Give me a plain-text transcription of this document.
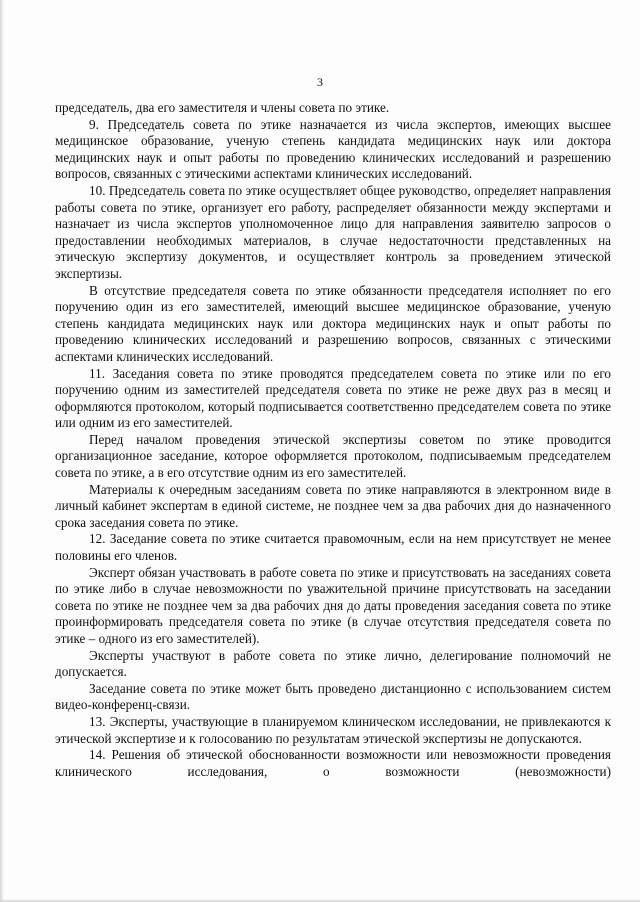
3

председатель, два его заместителя и члены совета по этике.

9. Председатель совета по этике назначается из числа экспертов, имеющих высшее медицинское образование, ученую степень кандидата медицинских наук или доктора медицинских наук и опыт работы по проведению клинических исследований и разрешению вопросов, связанных с этическими аспектами клинических исследований.

10. Председатель совета по этике осуществляет общее руководство, определяет направления работы совета по этике, организует его работу, распределяет обязанности между экспертами и назначает из числа экспертов уполномоченное лицо для направления заявителю запросов о предоставлении необходимых материалов, в случае недостаточности представленных на этическую экспертизу документов, и осуществляет контроль за проведением этической экспертизы.

В отсутствие председателя совета по этике обязанности председателя исполняет по его поручению один из его заместителей, имеющий высшее медицинское образование, ученую степень кандидата медицинских наук или доктора медицинских наук и опыт работы по проведению клинических исследований и разрешению вопросов, связанных с этическими аспектами клинических исследований.

11. Заседания совета по этике проводятся председателем совета по этике или по его поручению одним из заместителей председателя совета по этике не реже двух раз в месяц и оформляются протоколом, который подписывается соответственно председателем совета по этике или одним из его заместителей.

Перед началом проведения этической экспертизы советом по этике проводится организационное заседание, которое оформляется протоколом, подписываемым председателем совета по этике, а в его отсутствие одним из его заместителей.

Материалы к очередным заседаниям совета по этике направляются в электронном виде в личный кабинет экспертам в единой системе, не позднее чем за два рабочих дня до назначенного срока заседания совета по этике.

12. Заседание совета по этике считается правомочным, если на нем присутствует не менее половины его членов.

Эксперт обязан участвовать в работе совета по этике и присутствовать на заседаниях совета по этике либо в случае невозможности по уважительной причине присутствовать на заседании совета по этике не позднее чем за два рабочих дня до даты проведения заседания совета по этике проинформировать председателя совета по этике (в случае отсутствия председателя совета по этике – одного из его заместителей).

Эксперты участвуют в работе совета по этике лично, делегирование полномочий не допускается.

Заседание совета по этике может быть проведено дистанционно с использованием систем видео-конференц-связи.

13. Эксперты, участвующие в планируемом клиническом исследовании, не привлекаются к этической экспертизе и к голосованию по результатам этической экспертизы не допускаются.

14. Решения об этической обоснованности возможности или невозможности проведения клинического исследования, о возможности (невозможности)
